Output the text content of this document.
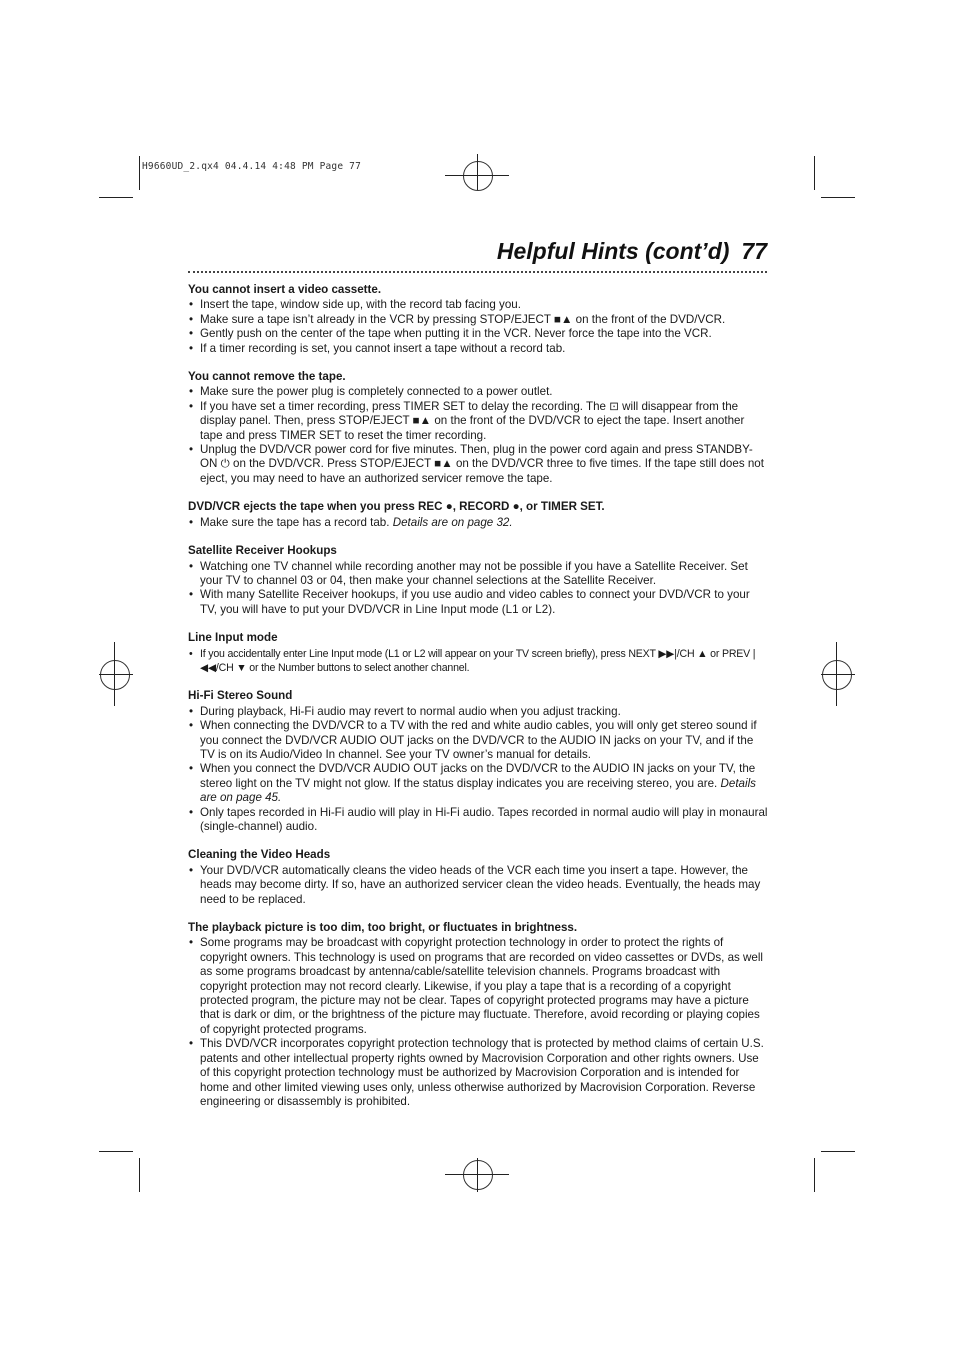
H9660UD_2.qx4 04.4.14 4:48 PM Page 77
Helpful Hints (cont’d) 77
You cannot insert a video cassette.
• Insert the tape, window side up, with the record tab facing you.
• Make sure a tape isn’t already in the VCR by pressing STOP/EJECT ■▲ on the front of the DVD/VCR.
• Gently push on the center of the tape when putting it in the VCR. Never force the tape into the VCR.
• If a timer recording is set, you cannot insert a tape without a record tab.
You cannot remove the tape.
• Make sure the power plug is completely connected to a power outlet.
• If you have set a timer recording, press TIMER SET to delay the recording. The ⊡ will disappear from the display panel. Then, press STOP/EJECT ■▲ on the front of the DVD/VCR to eject the tape. Insert another tape and press TIMER SET to reset the timer recording.
• Unplug the DVD/VCR power cord for five minutes. Then, plug in the power cord again and press STANDBY-ON ⏻ on the DVD/VCR. Press STOP/EJECT ■▲ on the DVD/VCR three to five times. If the tape still does not eject, you may need to have an authorized servicer remove the tape.
DVD/VCR ejects the tape when you press REC ●, RECORD ●, or TIMER SET.
• Make sure the tape has a record tab. Details are on page 32.
Satellite Receiver Hookups
• Watching one TV channel while recording another may not be possible if you have a Satellite Receiver. Set your TV to channel 03 or 04, then make your channel selections at the Satellite Receiver.
• With many Satellite Receiver hookups, if you use audio and video cables to connect your DVD/VCR to your TV, you will have to put your DVD/VCR in Line Input mode (L1 or L2).
Line Input mode
• If you accidentally enter Line Input mode (L1 or L2 will appear on your TV screen briefly), press NEXT ▶▶|/CH ▲ or PREV |◀◀/CH ▼ or the Number buttons to select another channel.
Hi-Fi Stereo Sound
• During playback, Hi-Fi audio may revert to normal audio when you adjust tracking.
• When connecting the DVD/VCR to a TV with the red and white audio cables, you will only get stereo sound if you connect the DVD/VCR AUDIO OUT jacks on the DVD/VCR to the AUDIO IN jacks on your TV, and if the TV is on its Audio/Video In channel. See your TV owner’s manual for details.
• When you connect the DVD/VCR AUDIO OUT jacks on the DVD/VCR to the AUDIO IN jacks on your TV, the stereo light on the TV might not glow. If the status display indicates you are receiving stereo, you are. Details are on page 45.
• Only tapes recorded in Hi-Fi audio will play in Hi-Fi audio. Tapes recorded in normal audio will play in monaural (single-channel) audio.
Cleaning the Video Heads
• Your DVD/VCR automatically cleans the video heads of the VCR each time you insert a tape. However, the heads may become dirty. If so, have an authorized servicer clean the video heads. Eventually, the heads may need to be replaced.
The playback picture is too dim, too bright, or fluctuates in brightness.
• Some programs may be broadcast with copyright protection technology in order to protect the rights of copyright owners. This technology is used on programs that are recorded on video cassettes or DVDs, as well as some programs broadcast by antenna/cable/satellite television channels. Programs broadcast with copyright protection may not record clearly. Likewise, if you play a tape that is a recording of a copyright protected program, the picture may not be clear. Tapes of copyright protected programs may have a picture that is dark or dim, or the brightness of the picture may fluctuate. Therefore, avoid recording or playing copies of copyright protected programs.
• This DVD/VCR incorporates copyright protection technology that is protected by method claims of certain U.S. patents and other intellectual property rights owned by Macrovision Corporation and other rights owners. Use of this copyright protection technology must be authorized by Macrovision Corporation and is intended for home and other limited viewing uses only, unless otherwise authorized by Macrovision Corporation. Reverse engineering or disassembly is prohibited.
